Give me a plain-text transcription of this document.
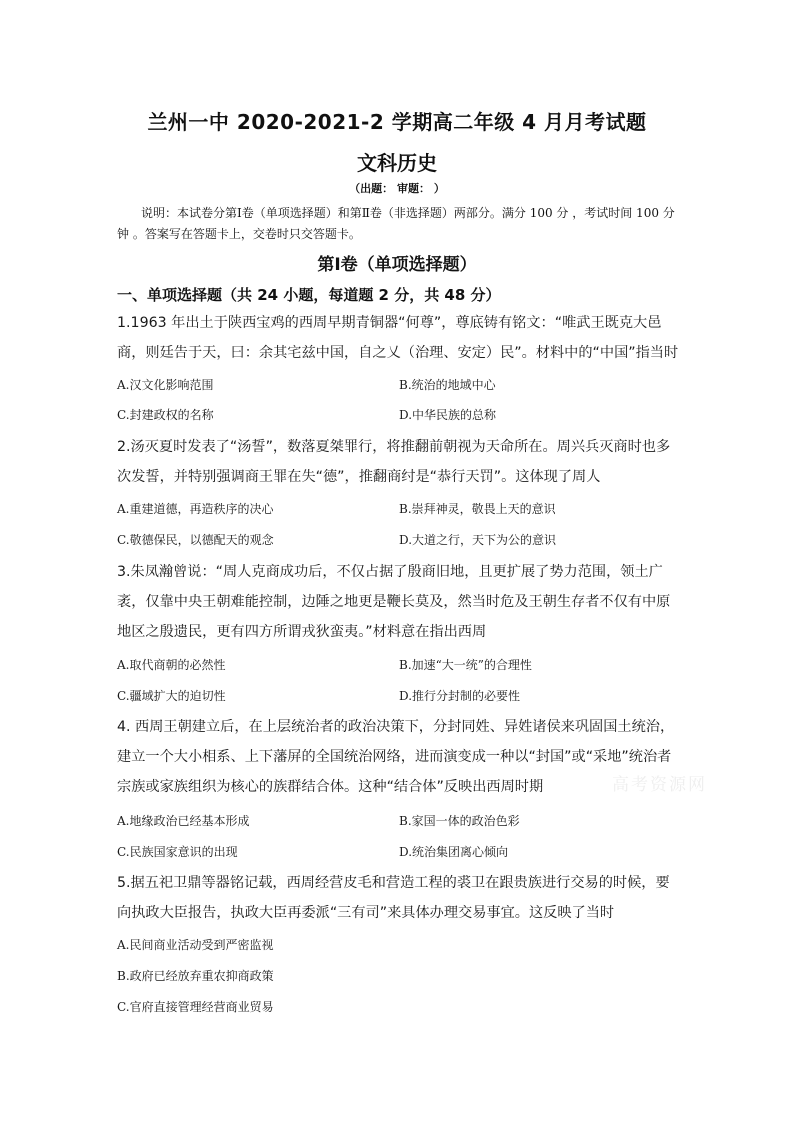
兰州一中 2020-2021-2 学期高二年级 4 月月考试题
文科历史
（出题： 审题： ）
说明：本试卷分第Ⅰ卷（单项选择题）和第Ⅱ卷（非选择题）两部分。满分 100 分 ，考试时间 100 分钟 。答案写在答题卡上，交卷时只交答题卡。
第Ⅰ卷（单项选择题）
一、单项选择题（共 24 小题，每道题 2 分，共 48 分）
1.1963 年出土于陕西宝鸡的西周早期青铜器“何尊”，尊底铸有铭文：“唯武王既克大邑商，则廷告于天，曰：余其宅兹中国，自之乂（治理、安定）民”。材料中的“中国”指当时
A.汉文化影响范围	B.统治的地域中心
C.封建政权的名称	D.中华民族的总称
2.汤灭夏时发表了“汤誓”，数落夏桀罪行，将推翻前朝视为天命所在。周兴兵灭商时也多次发誓，并特别强调商王罪在失“德”，推翻商纣是“恭行天罚”。这体现了周人
A.重建道德，再造秩序的决心	B.崇拜神灵，敬畏上天的意识
C.敬德保民，以德配天的观念	D.大道之行，天下为公的意识
3.朱凤瀚曾说：“周人克商成功后，不仅占据了殷商旧地，且更扩展了势力范围，领土广袤，仅靠中央王朝难能控制，边陲之地更是鞭长莫及，然当时危及王朝生存者不仅有中原地区之殷遗民，更有四方所谓戎狄蛮夷。”材料意在指出西周
A.取代商朝的必然性	B.加速“大一统”的合理性
C.疆域扩大的迫切性	D.推行分封制的必要性
4. 西周王朝建立后，在上层统治者的政治决策下，分封同姓、异姓诸侯来巩固国土统治，建立一个大小相系、上下藩屏的全国统治网络，进而演变成一种以“封国”或“采地”统治者宗族或家族组织为核心的族群结合体。这种“结合体”反映出西周时期
A.地缘政治已经基本形成	B.家国一体的政治色彩
C.民族国家意识的出现	D.统治集团离心倾向
5.据五祀卫鼎等器铭记载，西周经营皮毛和营造工程的裘卫在跟贵族进行交易的时候，要向执政大臣报告，执政大臣再委派“三有司”来具体办理交易事宜。这反映了当时
A.民间商业活动受到严密监视
B.政府已经放弃重农抑商政策
C.官府直接管理经营商业贸易
高考资源网
